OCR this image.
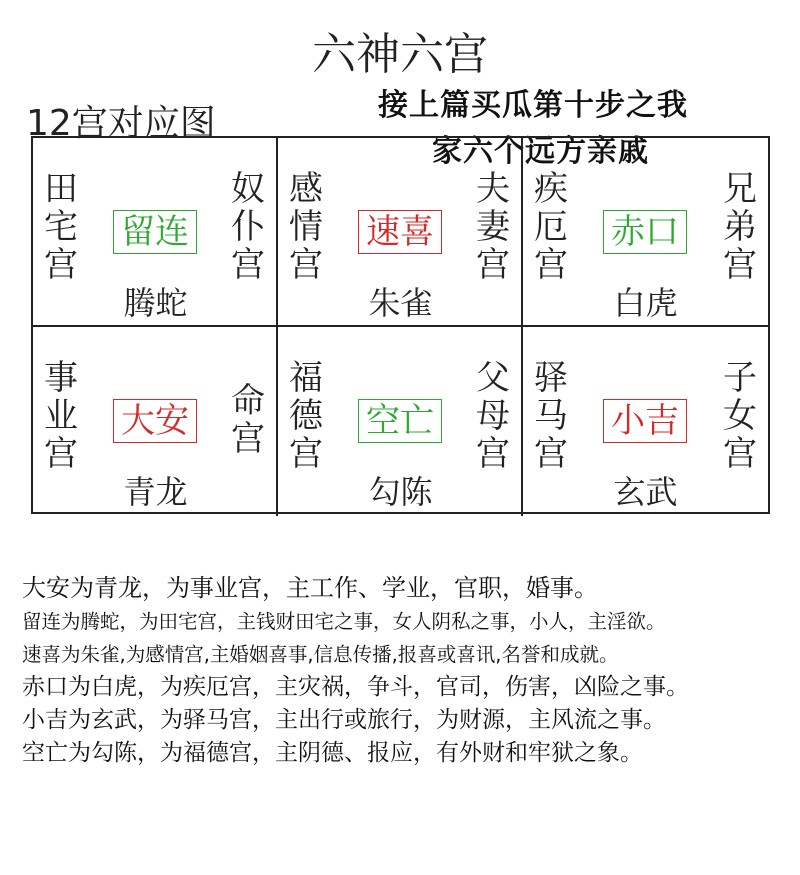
六神六宫
12宫对应图	接上篇买瓜第十步之我
家六个远方亲戚
田
宅
宫
奴
仆
宫
留连
腾蛇
感
情
宫
夫
妻
宫
速喜
朱雀
疾
厄
宫
兄
弟
宫
赤口
白虎
事
业
宫
命
宫
大安
青龙
福
德
宫
父
母
宫
空亡
勾陈
驿
马
宫
子
女
宫
小吉
玄武
大安为青龙，为事业宫，主工作、学业，官职，婚事。
留连为腾蛇，为田宅宫，主钱财田宅之事，女人阴私之事，小人，主淫欲。
速喜为朱雀,为感情宫,主婚姻喜事,信息传播,报喜或喜讯,名誉和成就。
赤口为白虎，为疾厄宫，主灾祸，争斗，官司，伤害，凶险之事。
小吉为玄武，为驿马宫，主出行或旅行，为财源，主风流之事。
空亡为勾陈，为福德宫，主阴德、报应，有外财和牢狱之象。
